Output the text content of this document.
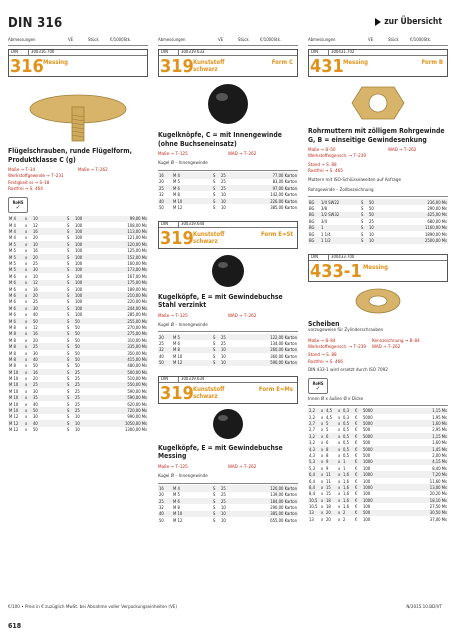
DIN 316	zur Übersicht
Abmessungen	VE	Stück	€/1000Stk.
DIN	300316.700
316 Messing
Flügelschrauben, runde Flügelform, Produktklasse C (g)
Maße → T–34
Werkstoffgewinde → T–231
Festigkeit ss → S–18
Rostfrei → S. 464
Maße → T–262
RoHS
✓
M 4	x	10	S	100	99,00 Ms
M 4	x	12	S	100	108,00 Ms
M 4	x	16	S	100	113,00 Ms
M 4	x	20	S	100	121,00 Ms
M 5	x	10	S	100	120,00 Ms
M 5	x	16	S	100	125,00 Ms
M 5	x	20	S	100	152,00 Ms
M 5	x	25	S	100	160,00 Ms
M 5	x	30	S	100	173,00 Ms
M 6	x	10	S	100	167,00 Ms
M 6	x	12	S	100	175,00 Ms
M 6	x	16	S	100	189,00 Ms
M 6	x	20	S	100	210,00 Ms
M 6	x	25	S	100	220,00 Ms
M 6	x	30	S	100	244,00 Ms
M 6	x	40	S	100	285,00 Ms
M 6	x	50	S	50	255,00 Ms
M 8	x	12	S	50	270,00 Ms
M 8	x	16	S	50	275,00 Ms
M 8	x	20	S	50	310,00 Ms
M 8	x	25	S	50	335,00 Ms
M 8	x	30	S	50	350,00 Ms
M 8	x	40	S	50	415,00 Ms
M 8	x	50	S	50	480,00 Ms
M 10	x	16	S	25	500,00 Ms
M 10	x	20	S	25	510,00 Ms
M 10	x	25	S	25	550,00 Ms
M 10	x	30	S	25	590,00 Ms
M 10	x	35	S	25	590,00 Ms
M 10	x	40	S	25	620,00 Ms
M 10	x	50	S	25	720,00 Ms
M 12	x	30	S	10	990,00 Ms
M 12	x	40	S	10	1050,00 Ms
M 12	x	50	S	10	1300,00 Ms
Abmessungen	VE	Stück	€/1000Stk.
DIN	300319.633
319 Kunststoff schwarz
Form C
Kugelknöpfe, C = mit Innengewinde (ohne Buchseneinsatz)
Maße → T–125	WAD → T–262
Kugel Ø – Innengewinde
16	M 4	S	25	77,00 Karton
20	M 5	S	25	83,00 Karton
25	M 6	S	25	97,00 Karton
32	M 8	S	10	142,00 Karton
40	M 10	S	10	226,00 Karton
50	M 12	S	10	385,00 Karton
DIN	300319.644
319 Kunststoff schwarz
Form E=St
Kugelköpfe, E = mit Gewindebuchse Stahl verzinkt
Maße → T–125	WAD → T–262
Kugel Ø – Innengewinde
20	M 5	S	25	122,00 Karton
25	M 6	S	25	134,00 Karton
32	M 8	S	10	260,00 Karton
40	M 10	S	10	360,00 Karton
50	M 12	S	10	590,00 Karton
DIN	300319.634
319 Kunststoff schwarz
Form E=Ms
Kugelköpfe, E = mit Gewindebuchse Messing
Maße → T–125	WAD → T–262
Kugel Ø – Innengewinde
16	M 4	S	25	120,00 Karton
20	M 5	S	25	139,00 Karton
25	M 6	S	25	184,00 Karton
32	M 8	S	10	290,00 Karton
40	M 10	S	10	385,00 Karton
50	M 12	S	10	655,00 Karton
Abmessungen	VE	Stück	€/1000Stk.
DIN	300431.702
431 Messing	Form B
Rohrmuttern mit zölligem Rohrgewinde G, B = einseitige Gewindesenkung
Maße → B–50
Werkstoffeigensch. → T–239
Stand → S. 88
Rostfrei → S. 465
WAD → T–262
Muttern mit ISO-Schlüsselweiten auf Anfrage
Rohrgewinde – Zollbezeichnung
BG	1/4 SW22	S	50	236,00 Ms
BG	3/8	S	50	290,00 Ms
BG	1/2 SW32	S	50	425,00 Ms
BG	3/4	S	25	680,00 Ms
BG	1	S	10	1160,00 Ms
BG	1 1/4	S	10	1890,00 Ms
BG	1 1/2	S	10	2500,00 Ms
DIN	300433.700
433-1 Messing
Scheiben
vorzugsweise für Zylinderschrauben
Maße → B–84
Werkstoffeigensch. → T–239
Stand → S. 88
Rostfrei → S. 466
Kennzeichnung → B–84
WAD → T–262
DIN 433-1 wird ersetzt durch ISO 7092
RoHS
✓
Innen Ø x äußen Ø x Dicke
2,2	x	4,5	x	0,3	€	5000	1,15 Ms
2,2	x	4,5	x	0,3	€	5000	1,95 Ms
2,7	x	5	x	0,5	€	5000	1,60 Ms
2,7	x	5	x	0,5	€	500	2,95 Ms
3,2	x	6	x	0,5	€	5000	1,15 Ms
3,2	x	6	x	0,5	€	500	1,60 Ms
4,3	x	8	x	0,5	€	5000	1,45 Ms
4,3	x	8	x	0,5	€	500	2,00 Ms
5,3	x	9	x	1	€	1000	4,15 Ms
5,3	x	9	x	1	€	100	8,40 Ms
6,4	x	11	x	1,6	€	1000	7,20 Ms
6,4	x	11	x	1,6	€	100	11,60 Ms
8,4	x	15	x	1,6	€	1000	13,00 Ms
8,4	x	15	x	1,6	€	100	20,20 Ms
10,5	x	18	x	1,6	€	1000	18,10 Ms
10,5	x	18	x	1,6	€	100	27,50 Ms
13	x	20	x	2	€	500	30,50 Ms
13	x	20	x	2	€	100	37,00 Ms
€/100 • Preis in € zuzüglich MwSt. bei Abnahme voller Verpackungseinheiten (VE)	N/2015.10.BD/VT
618
